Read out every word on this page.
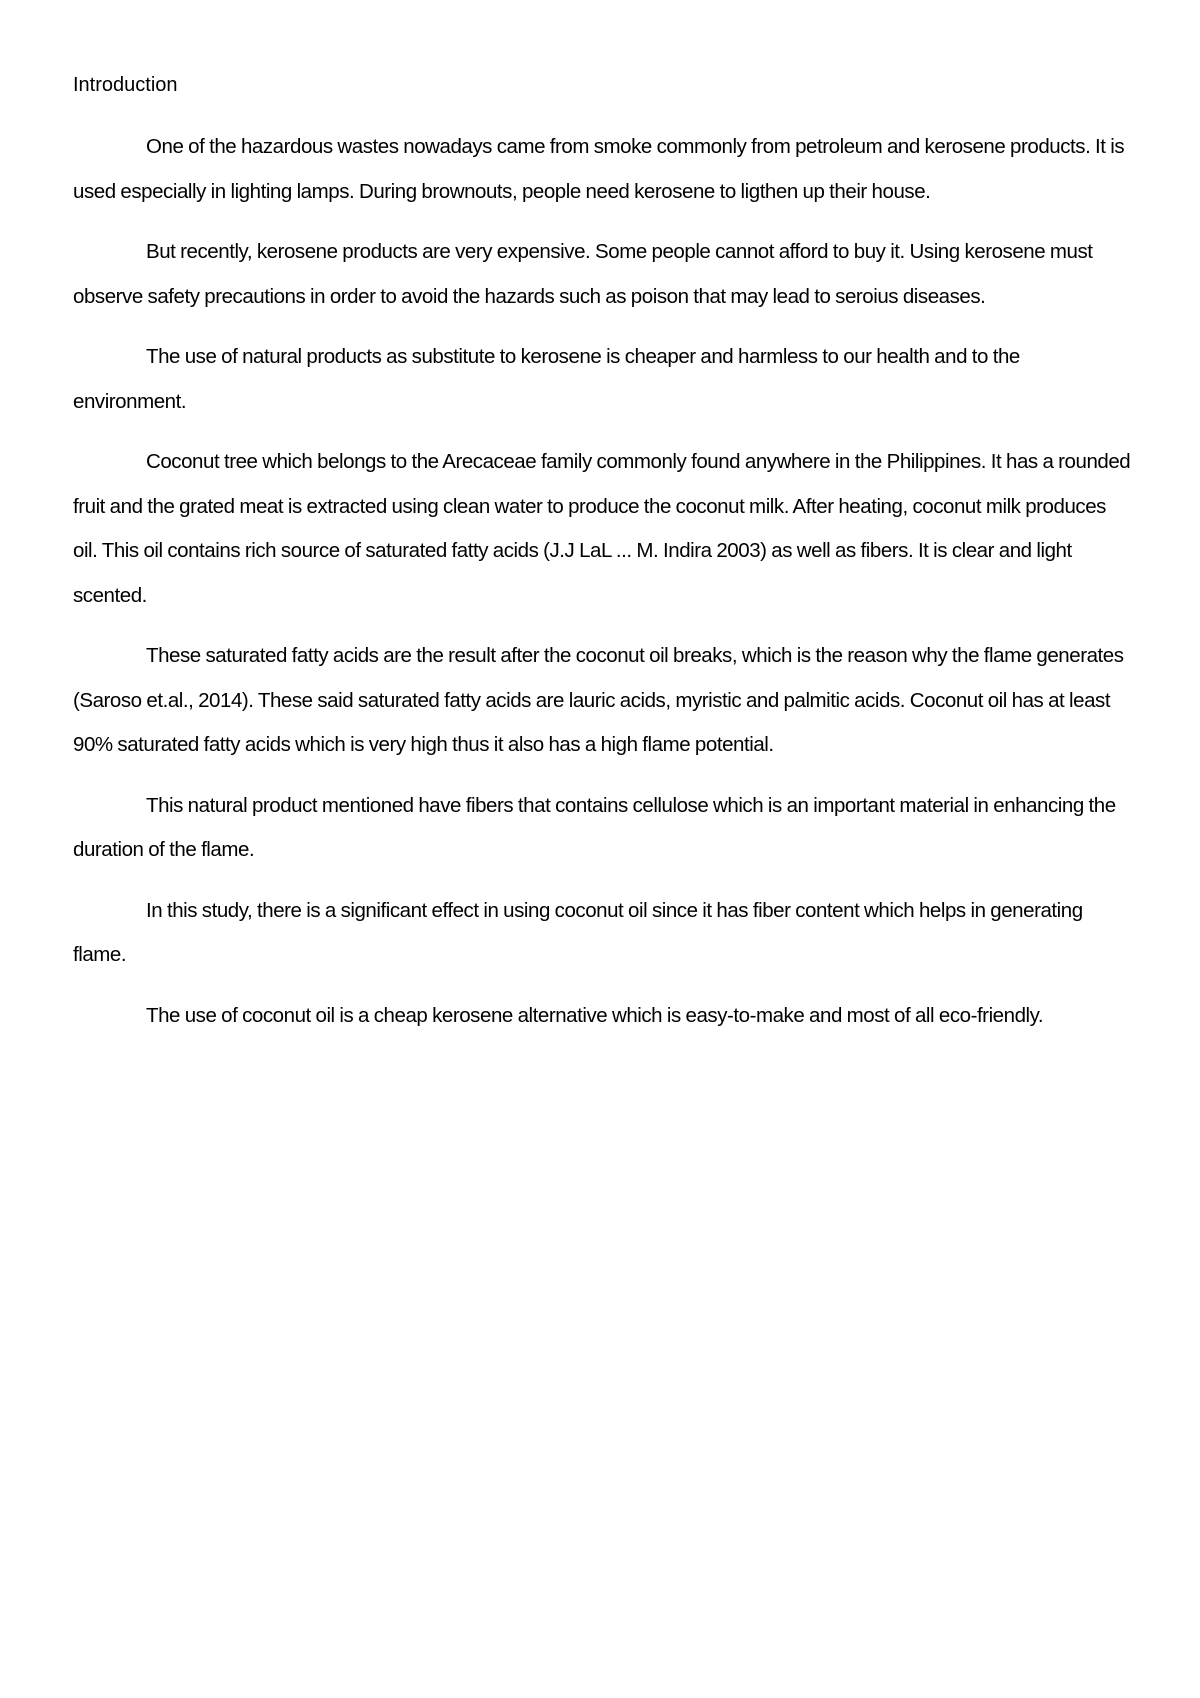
Introduction

One of the hazardous wastes nowadays came from smoke commonly from petroleum and kerosene products. It is used especially in lighting lamps. During brownouts, people need kerosene to ligthen up their house.

But recently, kerosene products are very expensive. Some people cannot afford to buy it. Using kerosene must observe safety precautions in order to avoid the hazards such as poison that may lead to seroius diseases.

The use of natural products as substitute to kerosene is cheaper and harmless to our health and to the environment.

Coconut tree which belongs to the Arecaceae family commonly found anywhere in the Philippines. It has a rounded fruit and the grated meat is extracted using clean water to produce the coconut milk. After heating, coconut milk produces oil. This oil contains rich source of saturated fatty acids (J.J LaL ... M. Indira 2003) as well as fibers. It is clear and light scented.

These saturated fatty acids are the result after the coconut oil breaks, which is the reason why the flame generates (Saroso et.al., 2014). These said saturated fatty acids are lauric acids, myristic and palmitic acids. Coconut oil has at least 90% saturated fatty acids which is very high thus it also has a high flame potential.

This natural product mentioned have fibers that contains cellulose which is an important material in enhancing the duration of the flame.

In this study, there is a significant effect in using coconut oil since it has fiber content which helps in generating flame.

The use of coconut oil is a cheap kerosene alternative which is easy-to-make and most of all eco-friendly.
